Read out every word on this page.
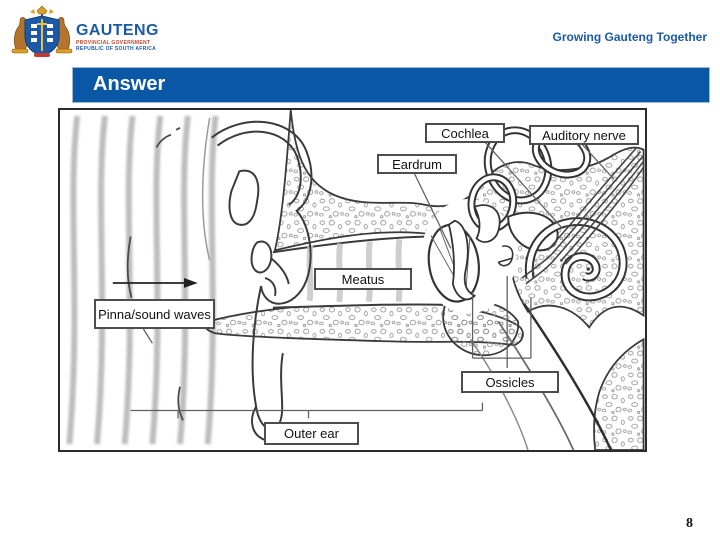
GAUTENG
PROVINCIAL GOVERNMENT
REPUBLIC OF SOUTH AFRICA
Growing Gauteng Together
Answer
Cochlea	Auditory nerve
Eardrum
Meatus
Pinna/sound waves
Ossicles
Outer ear
8
